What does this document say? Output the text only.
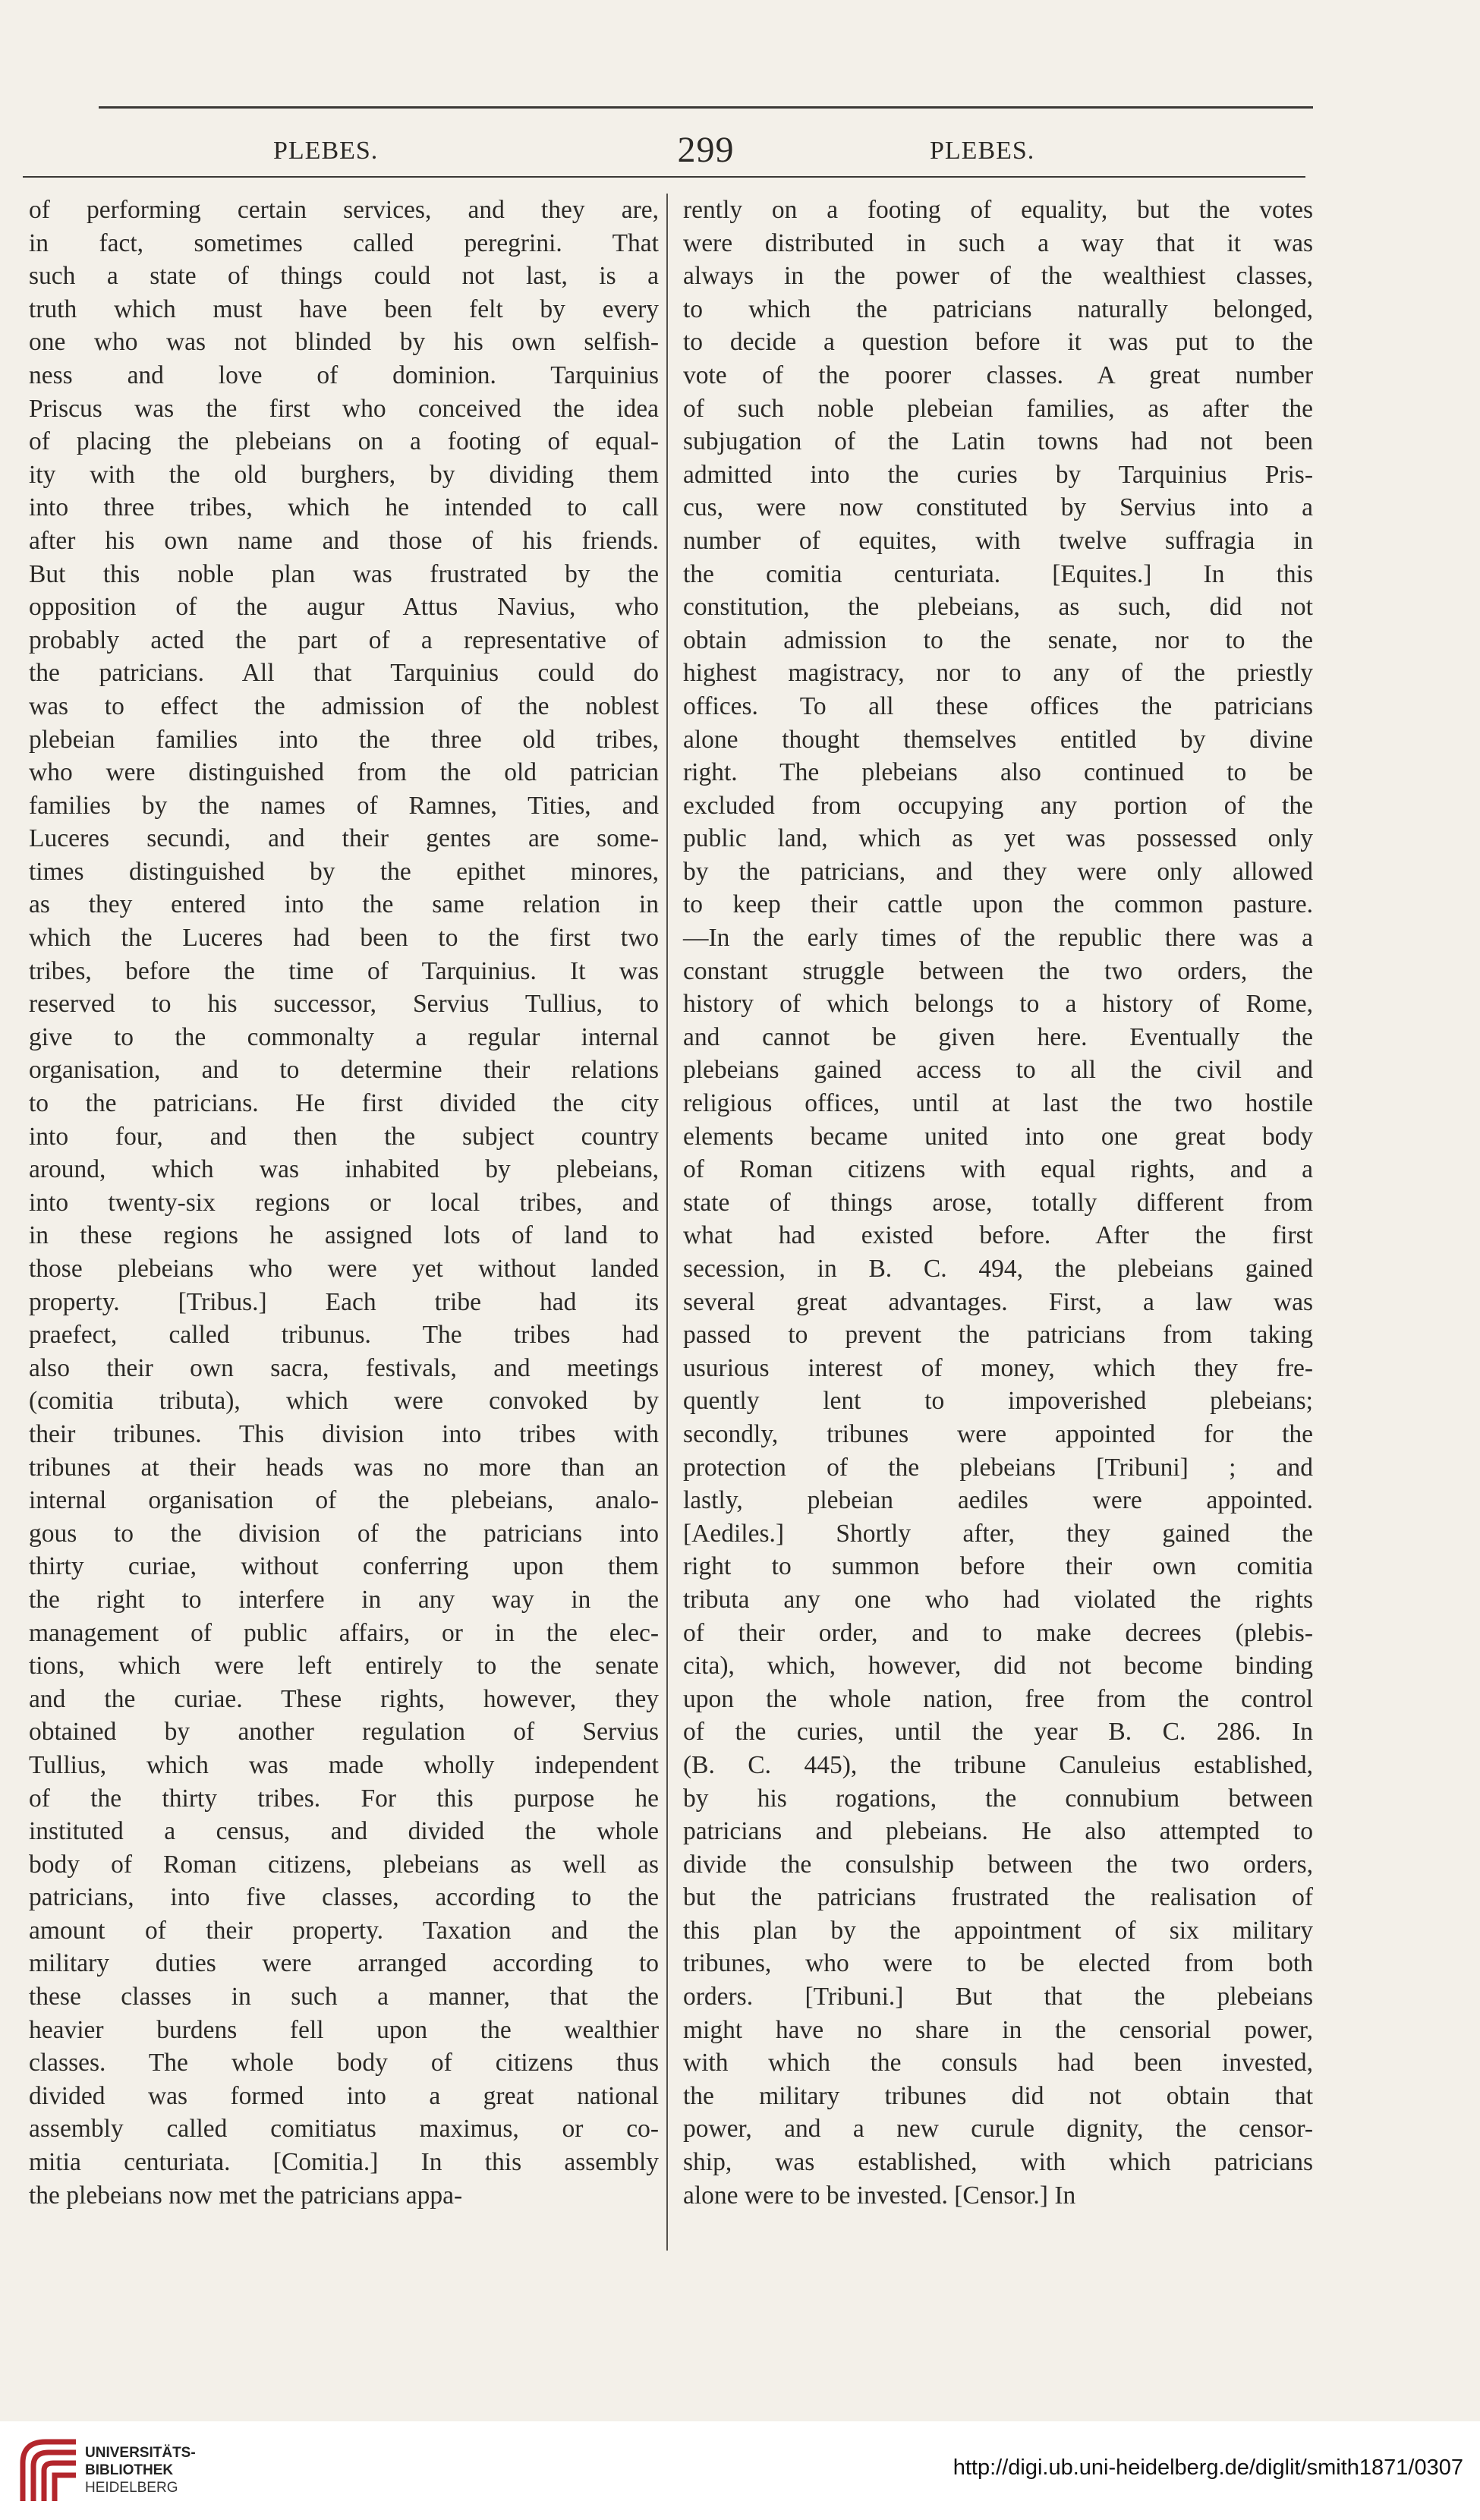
PLEBES.	299	PLEBES.

of performing certain services, and they are,

in fact, sometimes called peregrini. That

such a state of things could not last, is a

truth which must have been felt by every

one who was not blinded by his own selfish-

ness and love of dominion. Tarquinius

Priscus was the first who conceived the idea

of placing the plebeians on a footing of equal-

ity with the old burghers, by dividing them

into three tribes, which he intended to call

after his own name and those of his friends.

But this noble plan was frustrated by the

opposition of the augur Attus Navius, who

probably acted the part of a representative of

the patricians. All that Tarquinius could do

was to effect the admission of the noblest

plebeian families into the three old tribes,

who were distinguished from the old patrician

families by the names of Ramnes, Tities, and

Luceres secundi, and their gentes are some-

times distinguished by the epithet minores,

as they entered into the same relation in

which the Luceres had been to the first two

tribes, before the time of Tarquinius. It was

reserved to his successor, Servius Tullius, to

give to the commonalty a regular internal

organisation, and to determine their relations

to the patricians. He first divided the city

into four, and then the subject country

around, which was inhabited by plebeians,

into twenty-six regions or local tribes, and

in these regions he assigned lots of land to

those plebeians who were yet without landed

property. [Tribus.] Each tribe had its

praefect, called tribunus. The tribes had

also their own sacra, festivals, and meetings

(comitia tributa), which were convoked by

their tribunes. This division into tribes with

tribunes at their heads was no more than an

internal organisation of the plebeians, analo-

gous to the division of the patricians into

thirty curiae, without conferring upon them

the right to interfere in any way in the

management of public affairs, or in the elec-

tions, which were left entirely to the senate

and the curiae. These rights, however, they

obtained by another regulation of Servius

Tullius, which was made wholly independent

of the thirty tribes. For this purpose he

instituted a census, and divided the whole

body of Roman citizens, plebeians as well as

patricians, into five classes, according to the

amount of their property. Taxation and the

military duties were arranged according to

these classes in such a manner, that the

heavier burdens fell upon the wealthier

classes. The whole body of citizens thus

divided was formed into a great national

assembly called comitiatus maximus, or co-

mitia centuriata. [Comitia.] In this assembly

the plebeians now met the patricians appa-

rently on a footing of equality, but the votes

were distributed in such a way that it was

always in the power of the wealthiest classes,

to which the patricians naturally belonged,

to decide a question before it was put to the

vote of the poorer classes. A great number

of such noble plebeian families, as after the

subjugation of the Latin towns had not been

admitted into the curies by Tarquinius Pris-

cus, were now constituted by Servius into a

number of equites, with twelve suffragia in

the comitia centuriata. [Equites.] In this

constitution, the plebeians, as such, did not

obtain admission to the senate, nor to the

highest magistracy, nor to any of the priestly

offices. To all these offices the patricians

alone thought themselves entitled by divine

right. The plebeians also continued to be

excluded from occupying any portion of the

public land, which as yet was possessed only

by the patricians, and they were only allowed

to keep their cattle upon the common pasture.

—In the early times of the republic there was a

constant struggle between the two orders, the

history of which belongs to a history of Rome,

and cannot be given here. Eventually the

plebeians gained access to all the civil and

religious offices, until at last the two hostile

elements became united into one great body

of Roman citizens with equal rights, and a

state of things arose, totally different from

what had existed before. After the first

secession, in B. C. 494, the plebeians gained

several great advantages. First, a law was

passed to prevent the patricians from taking

usurious interest of money, which they fre-

quently lent to impoverished plebeians;

secondly, tribunes were appointed for the

protection of the plebeians [Tribuni] ; and

lastly, plebeian aediles were appointed.

[Aediles.] Shortly after, they gained the

right to summon before their own comitia

tributa any one who had violated the rights

of their order, and to make decrees (plebis-

cita), which, however, did not become binding

upon the whole nation, free from the control

of the curies, until the year B. C. 286. In

(B. C. 445), the tribune Canuleius established,

by his rogations, the connubium between

patricians and plebeians. He also attempted to

divide the consulship between the two orders,

but the patricians frustrated the realisation of

this plan by the appointment of six military

tribunes, who were to be elected from both

orders. [Tribuni.] But that the plebeians

might have no share in the censorial power,

with which the consuls had been invested,

the military tribunes did not obtain that

power, and a new curule dignity, the censor-

ship, was established, with which patricians

alone were to be invested. [Censor.] In

UNIVERSITÄTS-
BIBLIOTHEK
HEIDELBERG
http://digi.ub.uni-heidelberg.de/diglit/smith1871/0307
